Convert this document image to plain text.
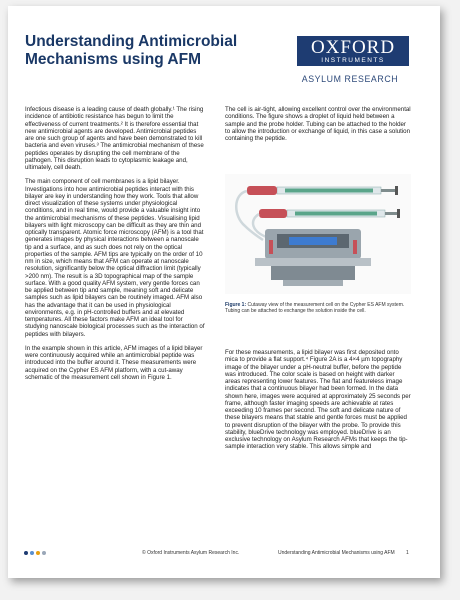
Understanding Antimicrobial Mechanisms using AFM
OXFORD
INSTRUMENTS
ASYLUM RESEARCH

Infectious disease is a leading cause of death globally.¹ The rising incidence of antibiotic resistance has begun to limit the effectiveness of current treatments.² It is therefore essential that new antimicrobial agents are developed. Antimicrobial peptides are one such group of agents and have been demonstrated to kill bacteria and even viruses.³ The antimicrobial mechanism of these peptides operates by disrupting the cell membrane of the pathogen. This disruption leads to cytoplasmic leakage and, ultimately, cell death.

The main component of cell membranes is a lipid bilayer. Investigations into how antimicrobial peptides interact with this bilayer are key in understanding how they work. Tools that allow direct visualization of these systems under physiological conditions, and in real time, would provide a valuable insight into the antimicrobial mechanisms of these peptides. Visualising lipid bilayers with light microscopy can be difficult as they are thin and optically transparent. Atomic force microscopy (AFM) is a tool that generates images by physical interactions between a nanoscale tip and a surface, and as such does not rely on the optical properties of the sample. AFM tips are typically on the order of 10 nm in size, which means that AFM can operate at nanoscale resolution, significantly below the optical diffraction limit (typically >200 nm). The result is a 3D topographical map of the sample surface. With a good quality AFM system, very gentle forces can be applied between tip and sample, meaning soft and delicate samples such as lipid bilayers can be routinely imaged. AFM also has the advantage that it can be used in physiological environments, e.g. in pH-controlled buffers and at elevated temperatures. All these factors make AFM an ideal tool for studying nanoscale biological processes such as the interaction of peptides with bilayers.

In the example shown in this article, AFM images of a lipid bilayer were continuously acquired while an antimicrobial peptide was introduced into the buffer around it. These measurements were acquired on the Cypher ES AFM platform, with a cut-away schematic of the measurement cell shown in Figure 1.

The cell is air-tight, allowing excellent control over the environmental conditions. The figure shows a droplet of liquid held between a sample and the probe holder. Tubing can be attached to the holder to allow the introduction or exchange of liquid, in this case a solution containing the peptide.

Figure 1: Cutaway view of the measurement cell on the Cypher ES AFM system. Tubing can be attached to exchange the solution inside the cell.

For these measurements, a lipid bilayer was first deposited onto mica to provide a flat support.⁴ Figure 2A is a 4×4 µm topography image of the bilayer under a pH-neutral buffer, before the peptide was introduced. The color scale is based on height with darker areas representing lower features. The flat and featureless image indicates that a continuous bilayer had been formed. In the data shown here, images were acquired at approximately 25 seconds per frame, although faster imaging speeds are achievable at rates exceeding 10 frames per second. The soft and delicate nature of these bilayers means that stable and gentle forces must be applied to prevent disruption of the bilayer with the probe. To provide this stability, blueDrive technology was employed. blueDrive is an exclusive technology on Asylum Research AFMs that keeps the tip-sample interaction very stable. This allows simple and

© Oxford Instruments Asylum Research Inc.	Understanding Antimicrobial Mechanisms using AFM 1
